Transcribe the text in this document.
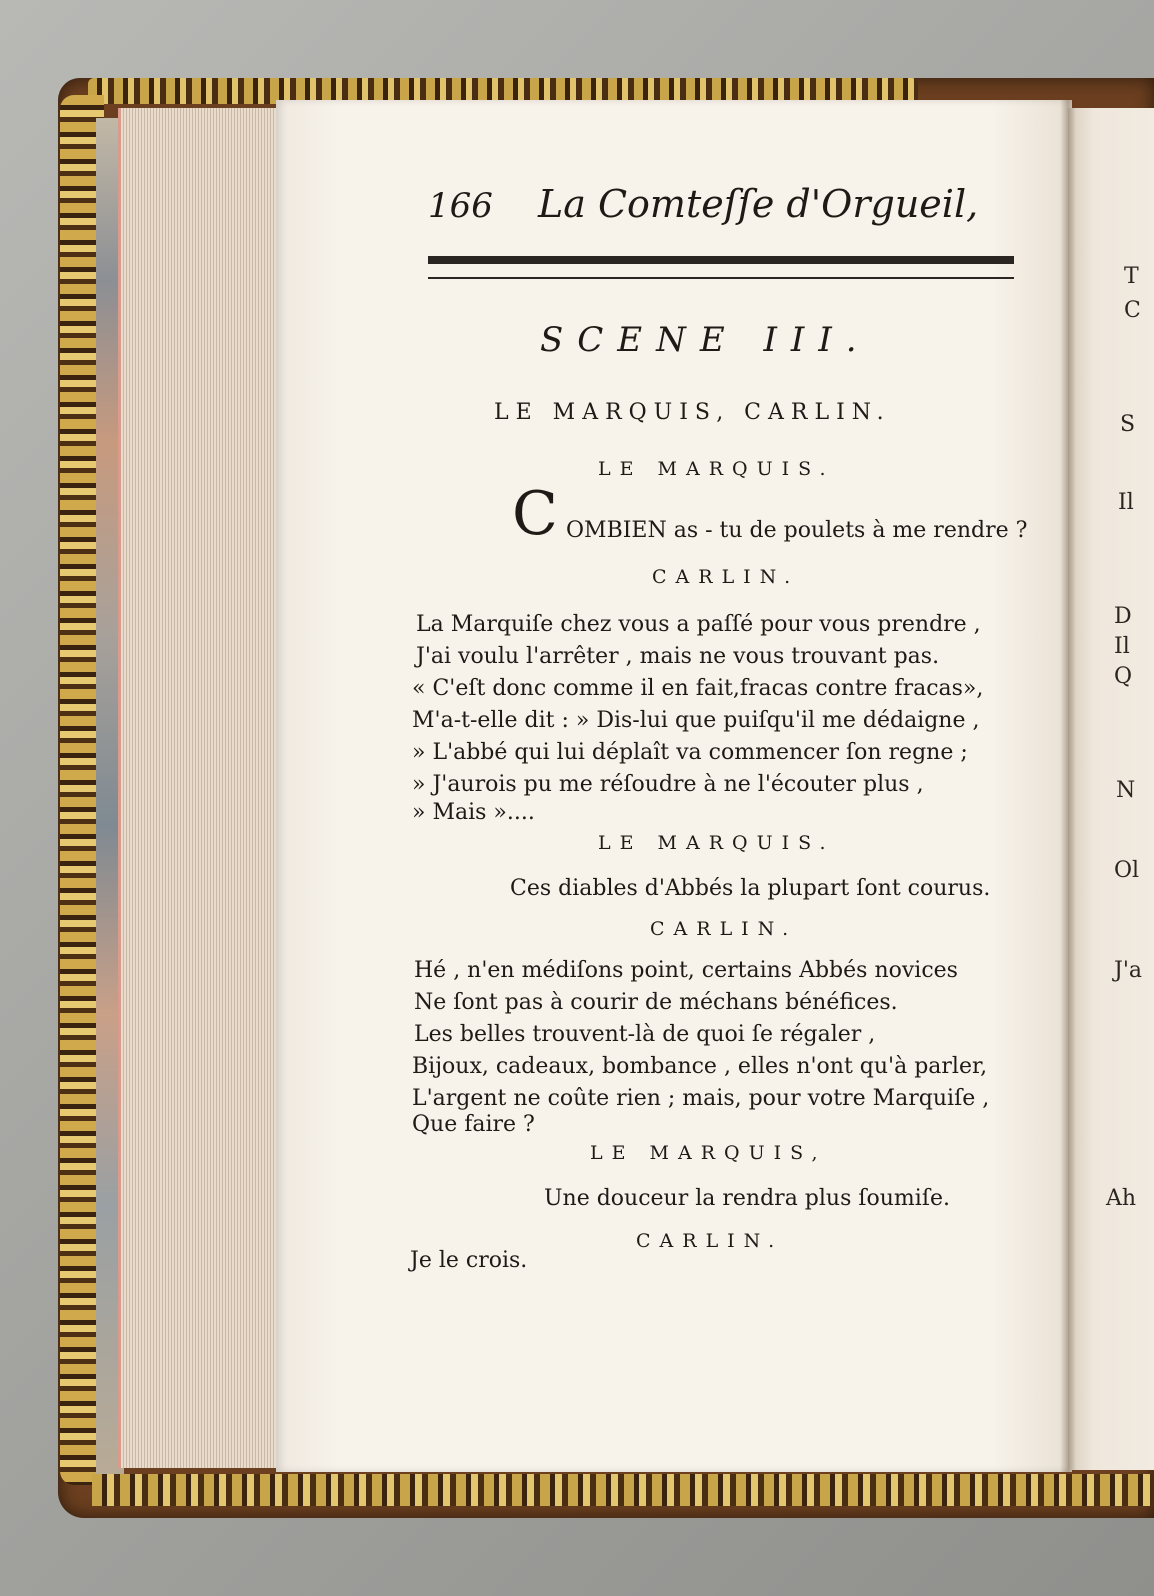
166 La Comteſſe d'Orgueil,
SCENE III.
LE MARQUIS, CARLIN.
LE MARQUIS.
C OMBIEN as - tu de poulets à me rendre ?
CARLIN.
La Marquiſe chez vous a paſſé pour vous prendre ,
J'ai voulu l'arrêter , mais ne vous trouvant pas.
« C'eſt donc comme il en fait,fracas contre fracas»,
M'a-t-elle dit : » Dis-lui que puiſqu'il me dédaigne ,
» L'abbé qui lui déplaît va commencer ſon regne ;
» J'aurois pu me réſoudre à ne l'écouter plus ,
» Mais »....
LE MARQUIS.
Ces diables d'Abbés la plupart ſont courus.
CARLIN.
Hé , n'en médiſons point, certains Abbés novices
Ne ſont pas à courir de méchans bénéfices.
Les belles trouvent-là de quoi ſe régaler ,
Bijoux, cadeaux, bombance , elles n'ont qu'à parler,
L'argent ne coûte rien ; mais, pour votre Marquiſe ,
Que faire ?
LE MARQUIS,
Une douceur la rendra plus ſoumiſe.
CARLIN.
Je le crois.
T
C
S
Il
D
Il
Q
N
Ol
J'a
Ah
